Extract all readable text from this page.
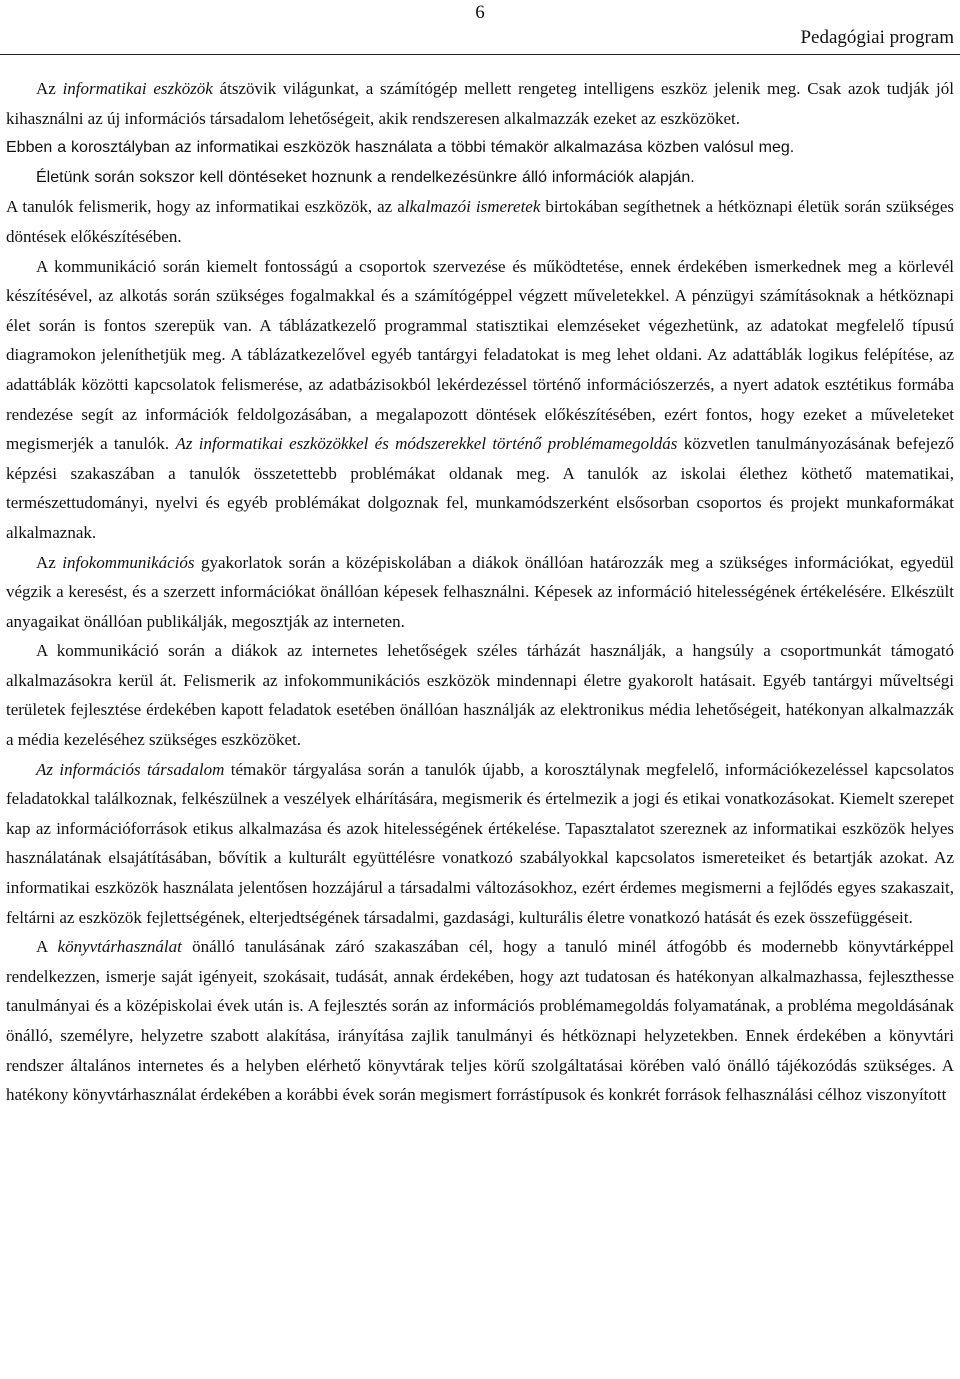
6
Pedagógiai program

Az informatikai eszközök átszövik világunkat, a számítógép mellett rengeteg intelligens eszköz jelenik meg. Csak azok tudják jól kihasználni az új információs társadalom lehetőségeit, akik rendszeresen alkalmazzák ezeket az eszközöket.

Ebben a korosztályban az informatikai eszközök használata a többi témakör alkalmazása közben valósul meg.

Életünk során sokszor kell döntéseket hoznunk a rendelkezésünkre álló információk alapján.

A tanulók felismerik, hogy az informatikai eszközök, az alkalmazói ismeretek birtokában segíthetnek a hétköznapi életük során szükséges döntések előkészítésében.

A kommunikáció során kiemelt fontosságú a csoportok szervezése és működtetése, ennek érdekében ismerkednek meg a körlevél készítésével, az alkotás során szükséges fogalmakkal és a számítógéppel végzett műveletekkel. A pénzügyi számításoknak a hétköznapi élet során is fontos szerepük van. A táblázatkezelő programmal statisztikai elemzéseket végezhetünk, az adatokat megfelelő típusú diagramokon jeleníthetjük meg. A táblázatkezelővel egyéb tantárgyi feladatokat is meg lehet oldani. Az adattáblák logikus felépítése, az adattáblák közötti kapcsolatok felismerése, az adatbázisokból lekérdezéssel történő információszerzés, a nyert adatok esztétikus formába rendezése segít az információk feldolgozásában, a megalapozott döntések előkészítésében, ezért fontos, hogy ezeket a műveleteket megismerjék a tanulók. Az informatikai eszközökkel és módszerekkel történő problémamegoldás közvetlen tanulmányozásának befejező képzési szakaszában a tanulók összetettebb problémákat oldanak meg. A tanulók az iskolai élethez köthető matematikai, természettudományi, nyelvi és egyéb problémákat dolgoznak fel, munkamódszerként elsősorban csoportos és projekt munkaformákat alkalmaznak.

Az infokommunikációs gyakorlatok során a középiskolában a diákok önállóan határozzák meg a szükséges információkat, egyedül végzik a keresést, és a szerzett információkat önállóan képesek felhasználni. Képesek az információ hitelességének értékelésére. Elkészült anyagaikat önállóan publikálják, megosztják az interneten.

A kommunikáció során a diákok az internetes lehetőségek széles tárházát használják, a hangsúly a csoportmunkát támogató alkalmazásokra kerül át. Felismerik az infokommunikációs eszközök mindennapi életre gyakorolt hatásait. Egyéb tantárgyi műveltségi területek fejlesztése érdekében kapott feladatok esetében önállóan használják az elektronikus média lehetőségeit, hatékonyan alkalmazzák a média kezeléséhez szükséges eszközöket.

Az információs társadalom témakör tárgyalása során a tanulók újabb, a korosztálynak megfelelő, információkezeléssel kapcsolatos feladatokkal találkoznak, felkészülnek a veszélyek elhárítására, megismerik és értelmezik a jogi és etikai vonatkozásokat. Kiemelt szerepet kap az információforrások etikus alkalmazása és azok hitelességének értékelése. Tapasztalatot szereznek az informatikai eszközök helyes használatának elsajátításában, bővítik a kulturált együttélésre vonatkozó szabályokkal kapcsolatos ismereteiket és betartják azokat. Az informatikai eszközök használata jelentősen hozzájárul a társadalmi változásokhoz, ezért érdemes megismerni a fejlődés egyes szakaszait, feltárni az eszközök fejlettségének, elterjedtségének társadalmi, gazdasági, kulturális életre vonatkozó hatását és ezek összefüggéseit.

A könyvtárhasználat önálló tanulásának záró szakaszában cél, hogy a tanuló minél átfogóbb és modernebb könyvtárképpel rendelkezzen, ismerje saját igényeit, szokásait, tudását, annak érdekében, hogy azt tudatosan és hatékonyan alkalmazhassa, fejleszthesse tanulmányai és a középiskolai évek után is. A fejlesztés során az információs problémamegoldás folyamatának, a probléma megoldásának önálló, személyre, helyzetre szabott alakítása, irányítása zajlik tanulmányi és hétköznapi helyzetekben. Ennek érdekében a könyvtári rendszer általános internetes és a helyben elérhető könyvtárak teljes körű szolgáltatásai körében való önálló tájékozódás szükséges. A hatékony könyvtárhasználat érdekében a korábbi évek során megismert forrástípusok és konkrét források felhasználási célhoz viszonyított
